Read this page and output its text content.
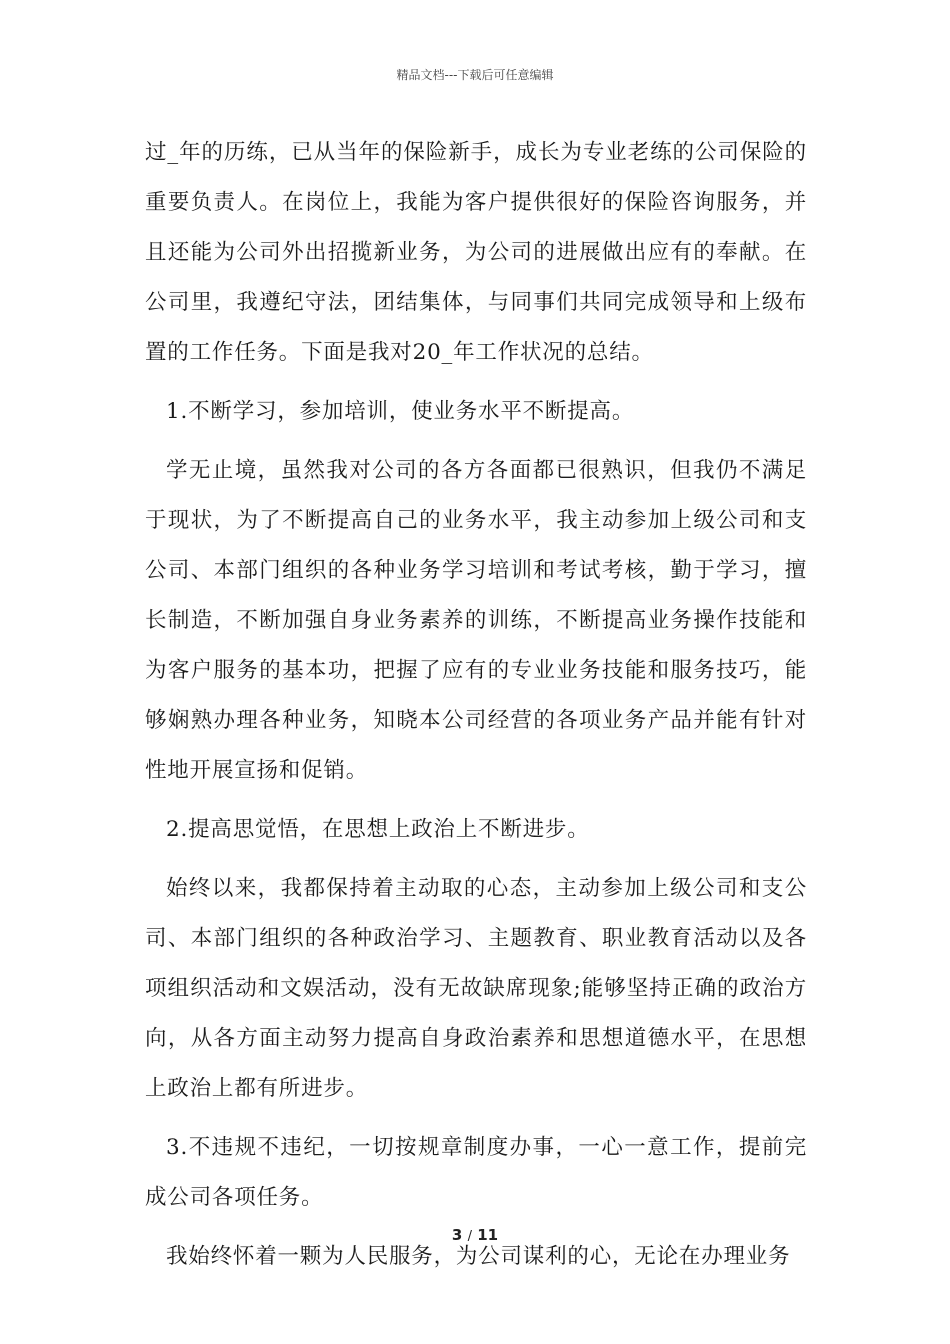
精品文档---下载后可任意编辑

过_年的历练，已从当年的保险新手，成长为专业老练的公司保险的重要负责人。在岗位上，我能为客户提供很好的保险咨询服务，并且还能为公司外出招揽新业务，为公司的进展做出应有的奉献。在公司里，我遵纪守法，团结集体，与同事们共同完成领导和上级布置的工作任务。下面是我对20_年工作状况的总结。

1.不断学习，参加培训，使业务水平不断提高。

学无止境，虽然我对公司的各方各面都已很熟识，但我仍不满足于现状，为了不断提高自己的业务水平，我主动参加上级公司和支公司、本部门组织的各种业务学习培训和考试考核，勤于学习，擅长制造，不断加强自身业务素养的训练，不断提高业务操作技能和为客户服务的基本功，把握了应有的专业业务技能和服务技巧，能够娴熟办理各种业务，知晓本公司经营的各项业务产品并能有针对性地开展宣扬和促销。

2.提高思觉悟，在思想上政治上不断进步。

始终以来，我都保持着主动取的心态，主动参加上级公司和支公司、本部门组织的各种政治学习、主题教育、职业教育活动以及各项组织活动和文娱活动，没有无故缺席现象;能够坚持正确的政治方向，从各方面主动努力提高自身政治素养和思想道德水平，在思想上政治上都有所进步。

3.不违规不违纪，一切按规章制度办事，一心一意工作，提前完成公司各项任务。

我始终怀着一颗为人民服务，为公司谋利的心，无论在办理业务

3 / 11
